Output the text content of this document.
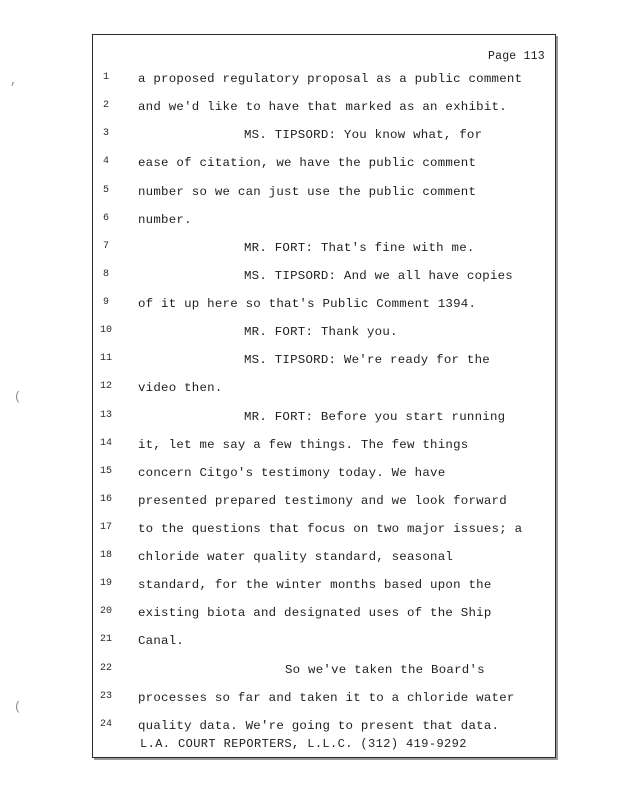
,
(
(
Page 113
1	a proposed regulatory proposal as a public comment
2	and we'd like to have that marked as an exhibit.
3	MS. TIPSORD: You know what, for
4	ease of citation, we have the public comment
5	number so we can just use the public comment
6	number.
7	MR. FORT: That's fine with me.
8	MS. TIPSORD: And we all have copies
9	of it up here so that's Public Comment 1394.
10	MR. FORT: Thank you.
11	MS. TIPSORD: We're ready for the
12	video then.
13	MR. FORT: Before you start running
14	it, let me say a few things. The few things
15	concern Citgo's testimony today. We have
16	presented prepared testimony and we look forward
17	to the questions that focus on two major issues; a
18	chloride water quality standard, seasonal
19	standard, for the winter months based upon the
20	existing biota and designated uses of the Ship
21	Canal.
22	So we've taken the Board's
23	processes so far and taken it to a chloride water
24	quality data. We're going to present that data.
L.A. COURT REPORTERS, L.L.C. (312) 419-9292
